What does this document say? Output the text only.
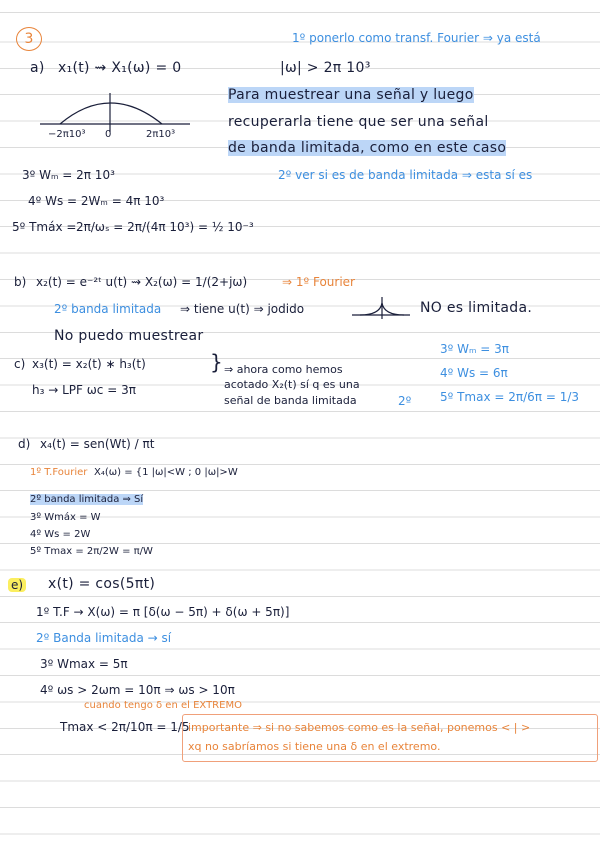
3	1º ponerlo como transf. Fourier ⇒ ya está
a) x₁(t) ⇝ X₁(ω) = 0	|ω| > 2π 10³
−2π10³ 0	2π10³
Para muestrear una señal y luego
recuperarla tiene que ser una señal
de banda limitada, como en este caso
2º ver si es de banda limitada ⇒ esta sí es
3º Wₘ = 2π 10³
4º Ws = 2Wₘ = 4π 10³
5º Tmáx = 2π/ωₛ = 2π/(4π 10³) = ½ 10⁻³
b) x₂(t) = e⁻²ᵗ u(t) ⇝ X₂(ω) = 1/(2+jω)	⇒ 1º Fourier
2º banda limitada ⇒ tiene u(t) ⇒ jodido	NO es limitada.
No puedo muestrear
c) x₃(t) = x₂(t) ∗ h₃(t)
h₃ → LPF ωc = 3π
} ⇒ ahora como hemos
acotado X₂(t) sí q es una
señal de banda limitada	2º
3º Wₘ = 3π
4º Ws = 6π
5º Tmax = 2π/6π = 1/3
d) x₄(t) = sen(Wt) / πt
1º T.Fourier X₄(ω) = {1 |ω|<W ; 0 |ω|>W
2º banda limitada ⇒ Sí
3º Wmáx = W
4º Ws = 2W
5º Tmax = 2π/2W = π/W
e) x(t) = cos(5πt)
1º T.F → X(ω) = π [δ(ω − 5π) + δ(ω + 5π)]
2º Banda limitada → sí
3º Wmax = 5π
4º ωs > 2ωm = 10π ⇒ ωs > 10π
cuando tengo δ en el EXTREMO
Tmax < 2π/10π = 1/5
importante ⇒ si no sabemos como es la señal, ponemos < | >
xq no sabríamos si tiene una δ en el extremo.
